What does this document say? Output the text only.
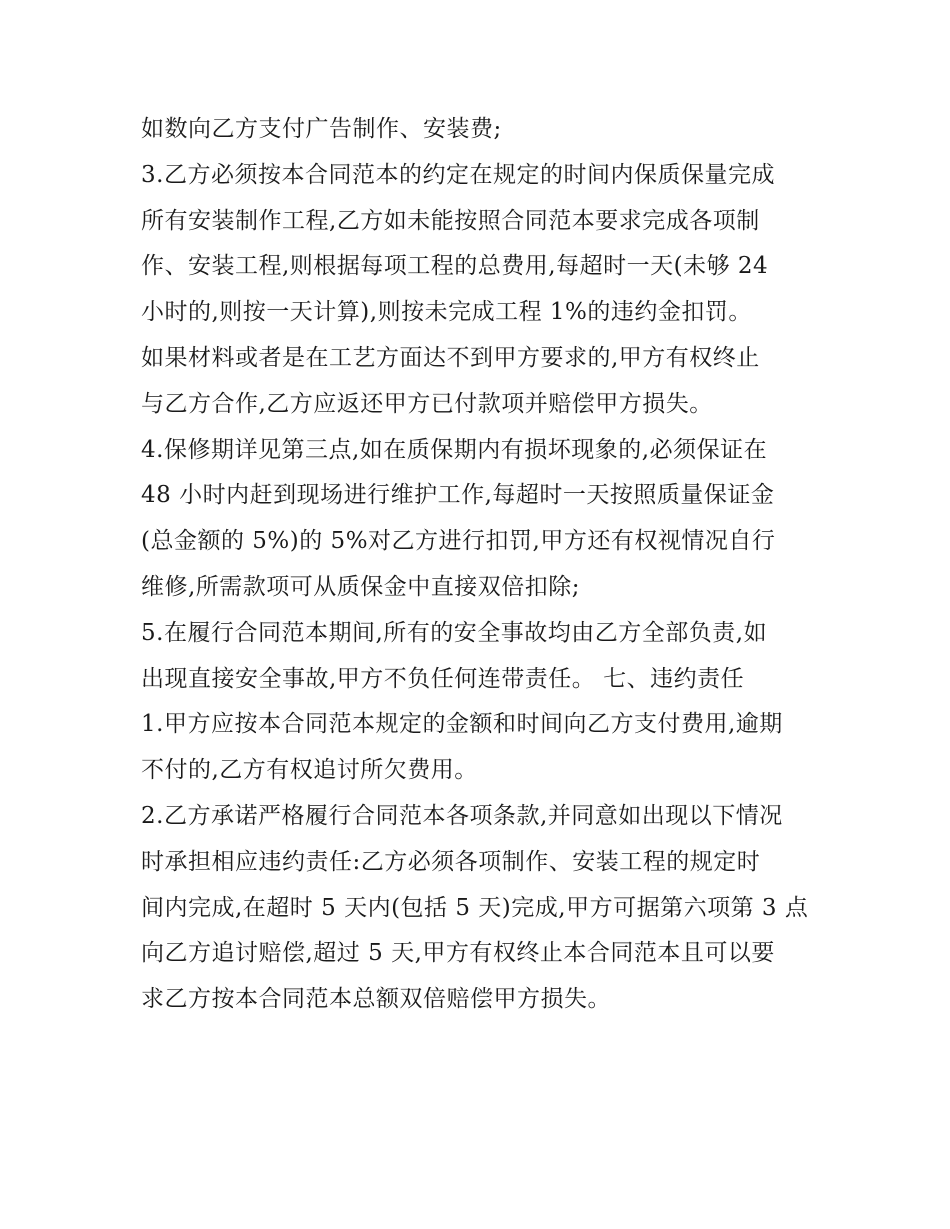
如数向乙方支付广告制作、安装费;
3.乙方必须按本合同范本的约定在规定的时间内保质保量完成
所有安装制作工程,乙方如未能按照合同范本要求完成各项制
作、安装工程,则根据每项工程的总费用,每超时一天(未够 24
小时的,则按一天计算),则按未完成工程 1%的违约金扣罚。
如果材料或者是在工艺方面达不到甲方要求的,甲方有权终止
与乙方合作,乙方应返还甲方已付款项并赔偿甲方损失。
4.保修期详见第三点,如在质保期内有损坏现象的,必须保证在
48 小时内赶到现场进行维护工作,每超时一天按照质量保证金
(总金额的 5%)的 5%对乙方进行扣罚,甲方还有权视情况自行
维修,所需款项可从质保金中直接双倍扣除;
5.在履行合同范本期间,所有的安全事故均由乙方全部负责,如
出现直接安全事故,甲方不负任何连带责任。 七、违约责任
1.甲方应按本合同范本规定的金额和时间向乙方支付费用,逾期
不付的,乙方有权追讨所欠费用。
2.乙方承诺严格履行合同范本各项条款,并同意如出现以下情况
时承担相应违约责任:乙方必须各项制作、安装工程的规定时
间内完成,在超时 5 天内(包括 5 天)完成,甲方可据第六项第 3 点
向乙方追讨赔偿,超过 5 天,甲方有权终止本合同范本且可以要
求乙方按本合同范本总额双倍赔偿甲方损失。
